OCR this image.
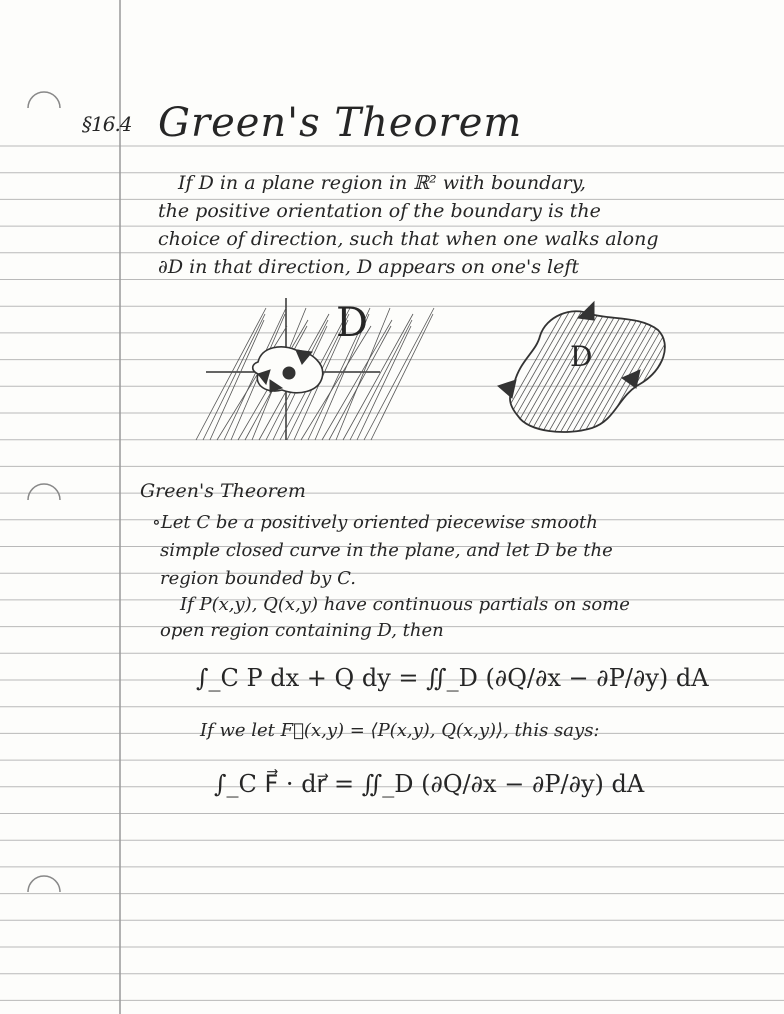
§16.4 Green's Theorem
If D in a plane region in ℝ² with boundary,
the positive orientation of the boundary is the
choice of direction, such that when one walks along
∂D in that direction, D appears on one's left
D
D
Green's Theorem
∘Let C be a positively oriented piecewise smooth
simple closed curve in the plane, and let D be the
region bounded by C.
If P(x,y), Q(x,y) have continuous partials on some
open region containing D, then
∫_C P dx + Q dy = ∬_D (∂Q/∂x − ∂P/∂y) dA
If we let F⃗(x,y) = ⟨P(x,y), Q(x,y)⟩, this says:
∫_C F⃗ · dr⃗ = ∬_D (∂Q/∂x − ∂P/∂y) dA
